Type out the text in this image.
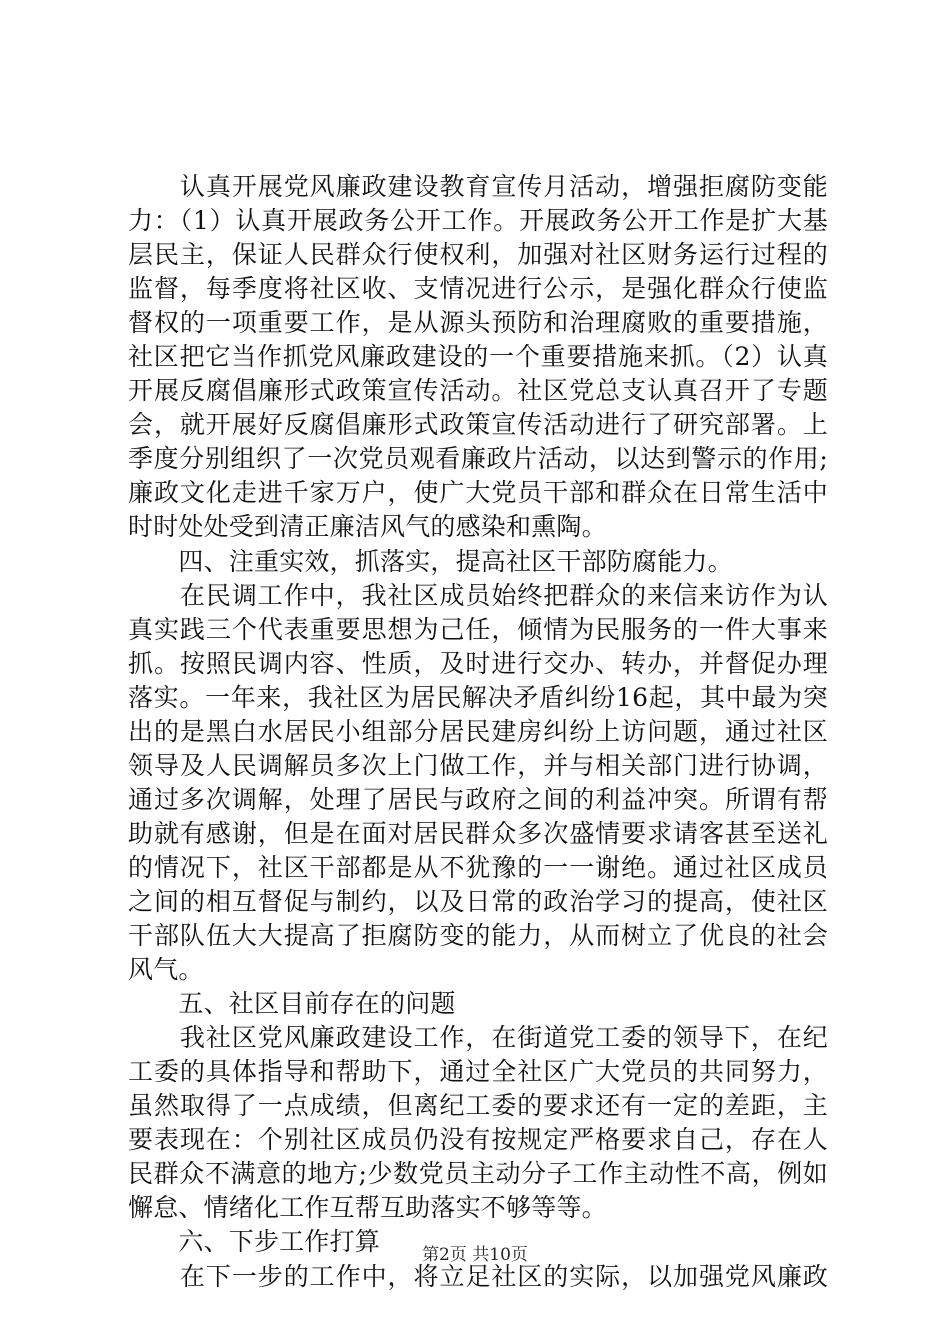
　　认真开展党风廉政建设教育宣传月活动，增强拒腐防变能
力：（1）认真开展政务公开工作。开展政务公开工作是扩大基
层民主，保证人民群众行使权利，加强对社区财务运行过程的
监督，每季度将社区收、支情况进行公示，是强化群众行使监
督权的一项重要工作，是从源头预防和治理腐败的重要措施，
社区把它当作抓党风廉政建设的一个重要措施来抓。（2）认真
开展反腐倡廉形式政策宣传活动。社区党总支认真召开了专题
会，就开展好反腐倡廉形式政策宣传活动进行了研究部署。上
季度分别组织了一次党员观看廉政片活动，以达到警示的作用;
廉政文化走进千家万户，使广大党员干部和群众在日常生活中
时时处处受到清正廉洁风气的感染和熏陶。
　　四、注重实效，抓落实，提高社区干部防腐能力。
　　在民调工作中，我社区成员始终把群众的来信来访作为认
真实践三个代表重要思想为己任，倾情为民服务的一件大事来
抓。按照民调内容、性质，及时进行交办、转办，并督促办理
落实。一年来，我社区为居民解决矛盾纠纷16起，其中最为突
出的是黑白水居民小组部分居民建房纠纷上访问题，通过社区
领导及人民调解员多次上门做工作，并与相关部门进行协调，
通过多次调解，处理了居民与政府之间的利益冲突。所谓有帮
助就有感谢，但是在面对居民群众多次盛情要求请客甚至送礼
的情况下，社区干部都是从不犹豫的一一谢绝。通过社区成员
之间的相互督促与制约，以及日常的政治学习的提高，使社区
干部队伍大大提高了拒腐防变的能力，从而树立了优良的社会
风气。
　　五、社区目前存在的问题
　　我社区党风廉政建设工作，在街道党工委的领导下，在纪
工委的具体指导和帮助下，通过全社区广大党员的共同努力，
虽然取得了一点成绩，但离纪工委的要求还有一定的差距，主
要表现在：个别社区成员仍没有按规定严格要求自己，存在人
民群众不满意的地方;少数党员主动分子工作主动性不高，例如
懈怠、情绪化工作互帮互助落实不够等等。
　　六、下步工作打算
　　在下一步的工作中，将立足社区的实际，以加强党风廉政
第2页 共10页
